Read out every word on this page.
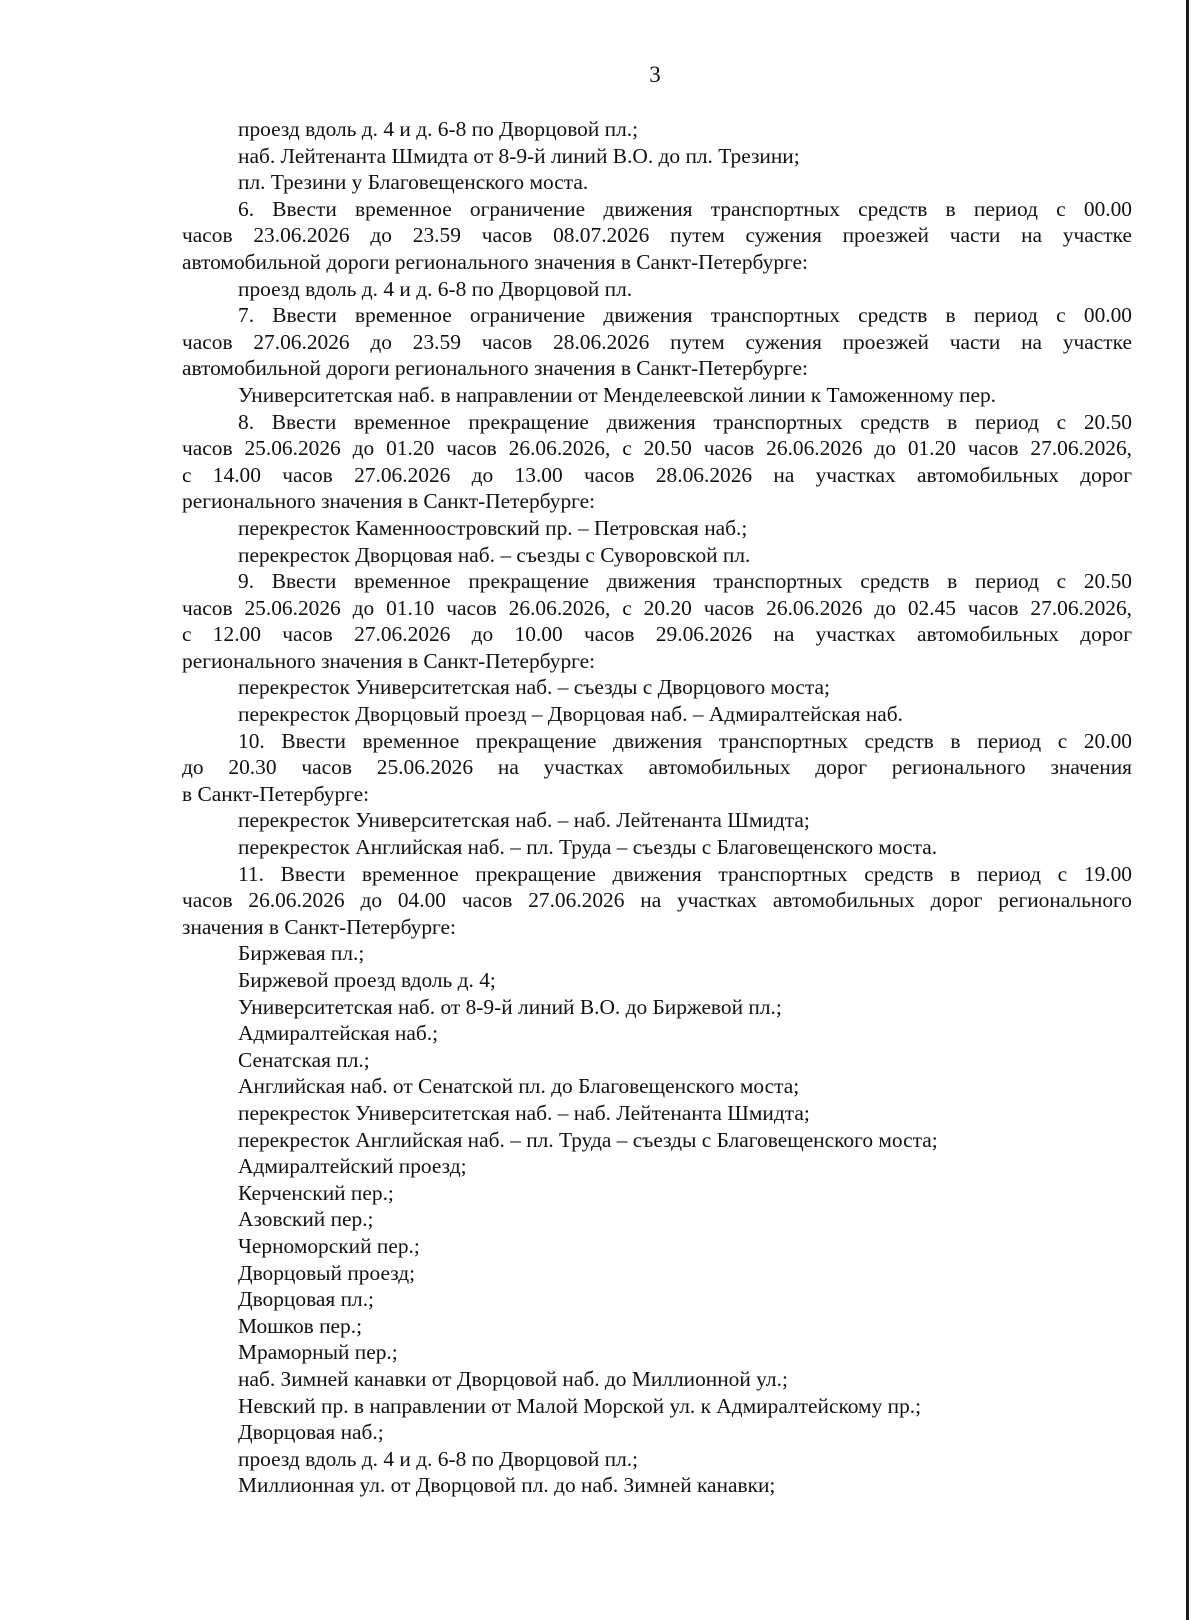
3
проезд вдоль д. 4 и д. 6-8 по Дворцовой пл.;
наб. Лейтенанта Шмидта от 8-9-й линий В.О. до пл. Трезини;
пл. Трезини у Благовещенского моста.
6. Ввести временное ограничение движения транспортных средств в период с 00.00
часов 23.06.2026 до 23.59 часов 08.07.2026 путем сужения проезжей части на участке
автомобильной дороги регионального значения в Санкт-Петербурге:
проезд вдоль д. 4 и д. 6-8 по Дворцовой пл.
7. Ввести временное ограничение движения транспортных средств в период с 00.00
часов 27.06.2026 до 23.59 часов 28.06.2026 путем сужения проезжей части на участке
автомобильной дороги регионального значения в Санкт-Петербурге:
Университетская наб. в направлении от Менделеевской линии к Таможенному пер.
8. Ввести временное прекращение движения транспортных средств в период с 20.50
часов 25.06.2026 до 01.20 часов 26.06.2026, с 20.50 часов 26.06.2026 до 01.20 часов 27.06.2026,
с 14.00 часов 27.06.2026 до 13.00 часов 28.06.2026 на участках автомобильных дорог
регионального значения в Санкт-Петербурге:
перекресток Каменноостровский пр. – Петровская наб.;
перекресток Дворцовая наб. – съезды с Суворовской пл.
9. Ввести временное прекращение движения транспортных средств в период с 20.50
часов 25.06.2026 до 01.10 часов 26.06.2026, с 20.20 часов 26.06.2026 до 02.45 часов 27.06.2026,
с 12.00 часов 27.06.2026 до 10.00 часов 29.06.2026 на участках автомобильных дорог
регионального значения в Санкт-Петербурге:
перекресток Университетская наб. – съезды с Дворцового моста;
перекресток Дворцовый проезд – Дворцовая наб. – Адмиралтейская наб.
10. Ввести временное прекращение движения транспортных средств в период с 20.00
до 20.30 часов 25.06.2026 на участках автомобильных дорог регионального значения
в Санкт-Петербурге:
перекресток Университетская наб. – наб. Лейтенанта Шмидта;
перекресток Английская наб. – пл. Труда – съезды с Благовещенского моста.
11. Ввести временное прекращение движения транспортных средств в период с 19.00
часов 26.06.2026 до 04.00 часов 27.06.2026 на участках автомобильных дорог регионального
значения в Санкт-Петербурге:
Биржевая пл.;
Биржевой проезд вдоль д. 4;
Университетская наб. от 8-9-й линий В.О. до Биржевой пл.;
Адмиралтейская наб.;
Сенатская пл.;
Английская наб. от Сенатской пл. до Благовещенского моста;
перекресток Университетская наб. – наб. Лейтенанта Шмидта;
перекресток Английская наб. – пл. Труда – съезды с Благовещенского моста;
Адмиралтейский проезд;
Керченский пер.;
Азовский пер.;
Черноморский пер.;
Дворцовый проезд;
Дворцовая пл.;
Мошков пер.;
Мраморный пер.;
наб. Зимней канавки от Дворцовой наб. до Миллионной ул.;
Невский пр. в направлении от Малой Морской ул. к Адмиралтейскому пр.;
Дворцовая наб.;
проезд вдоль д. 4 и д. 6-8 по Дворцовой пл.;
Миллионная ул. от Дворцовой пл. до наб. Зимней канавки;
